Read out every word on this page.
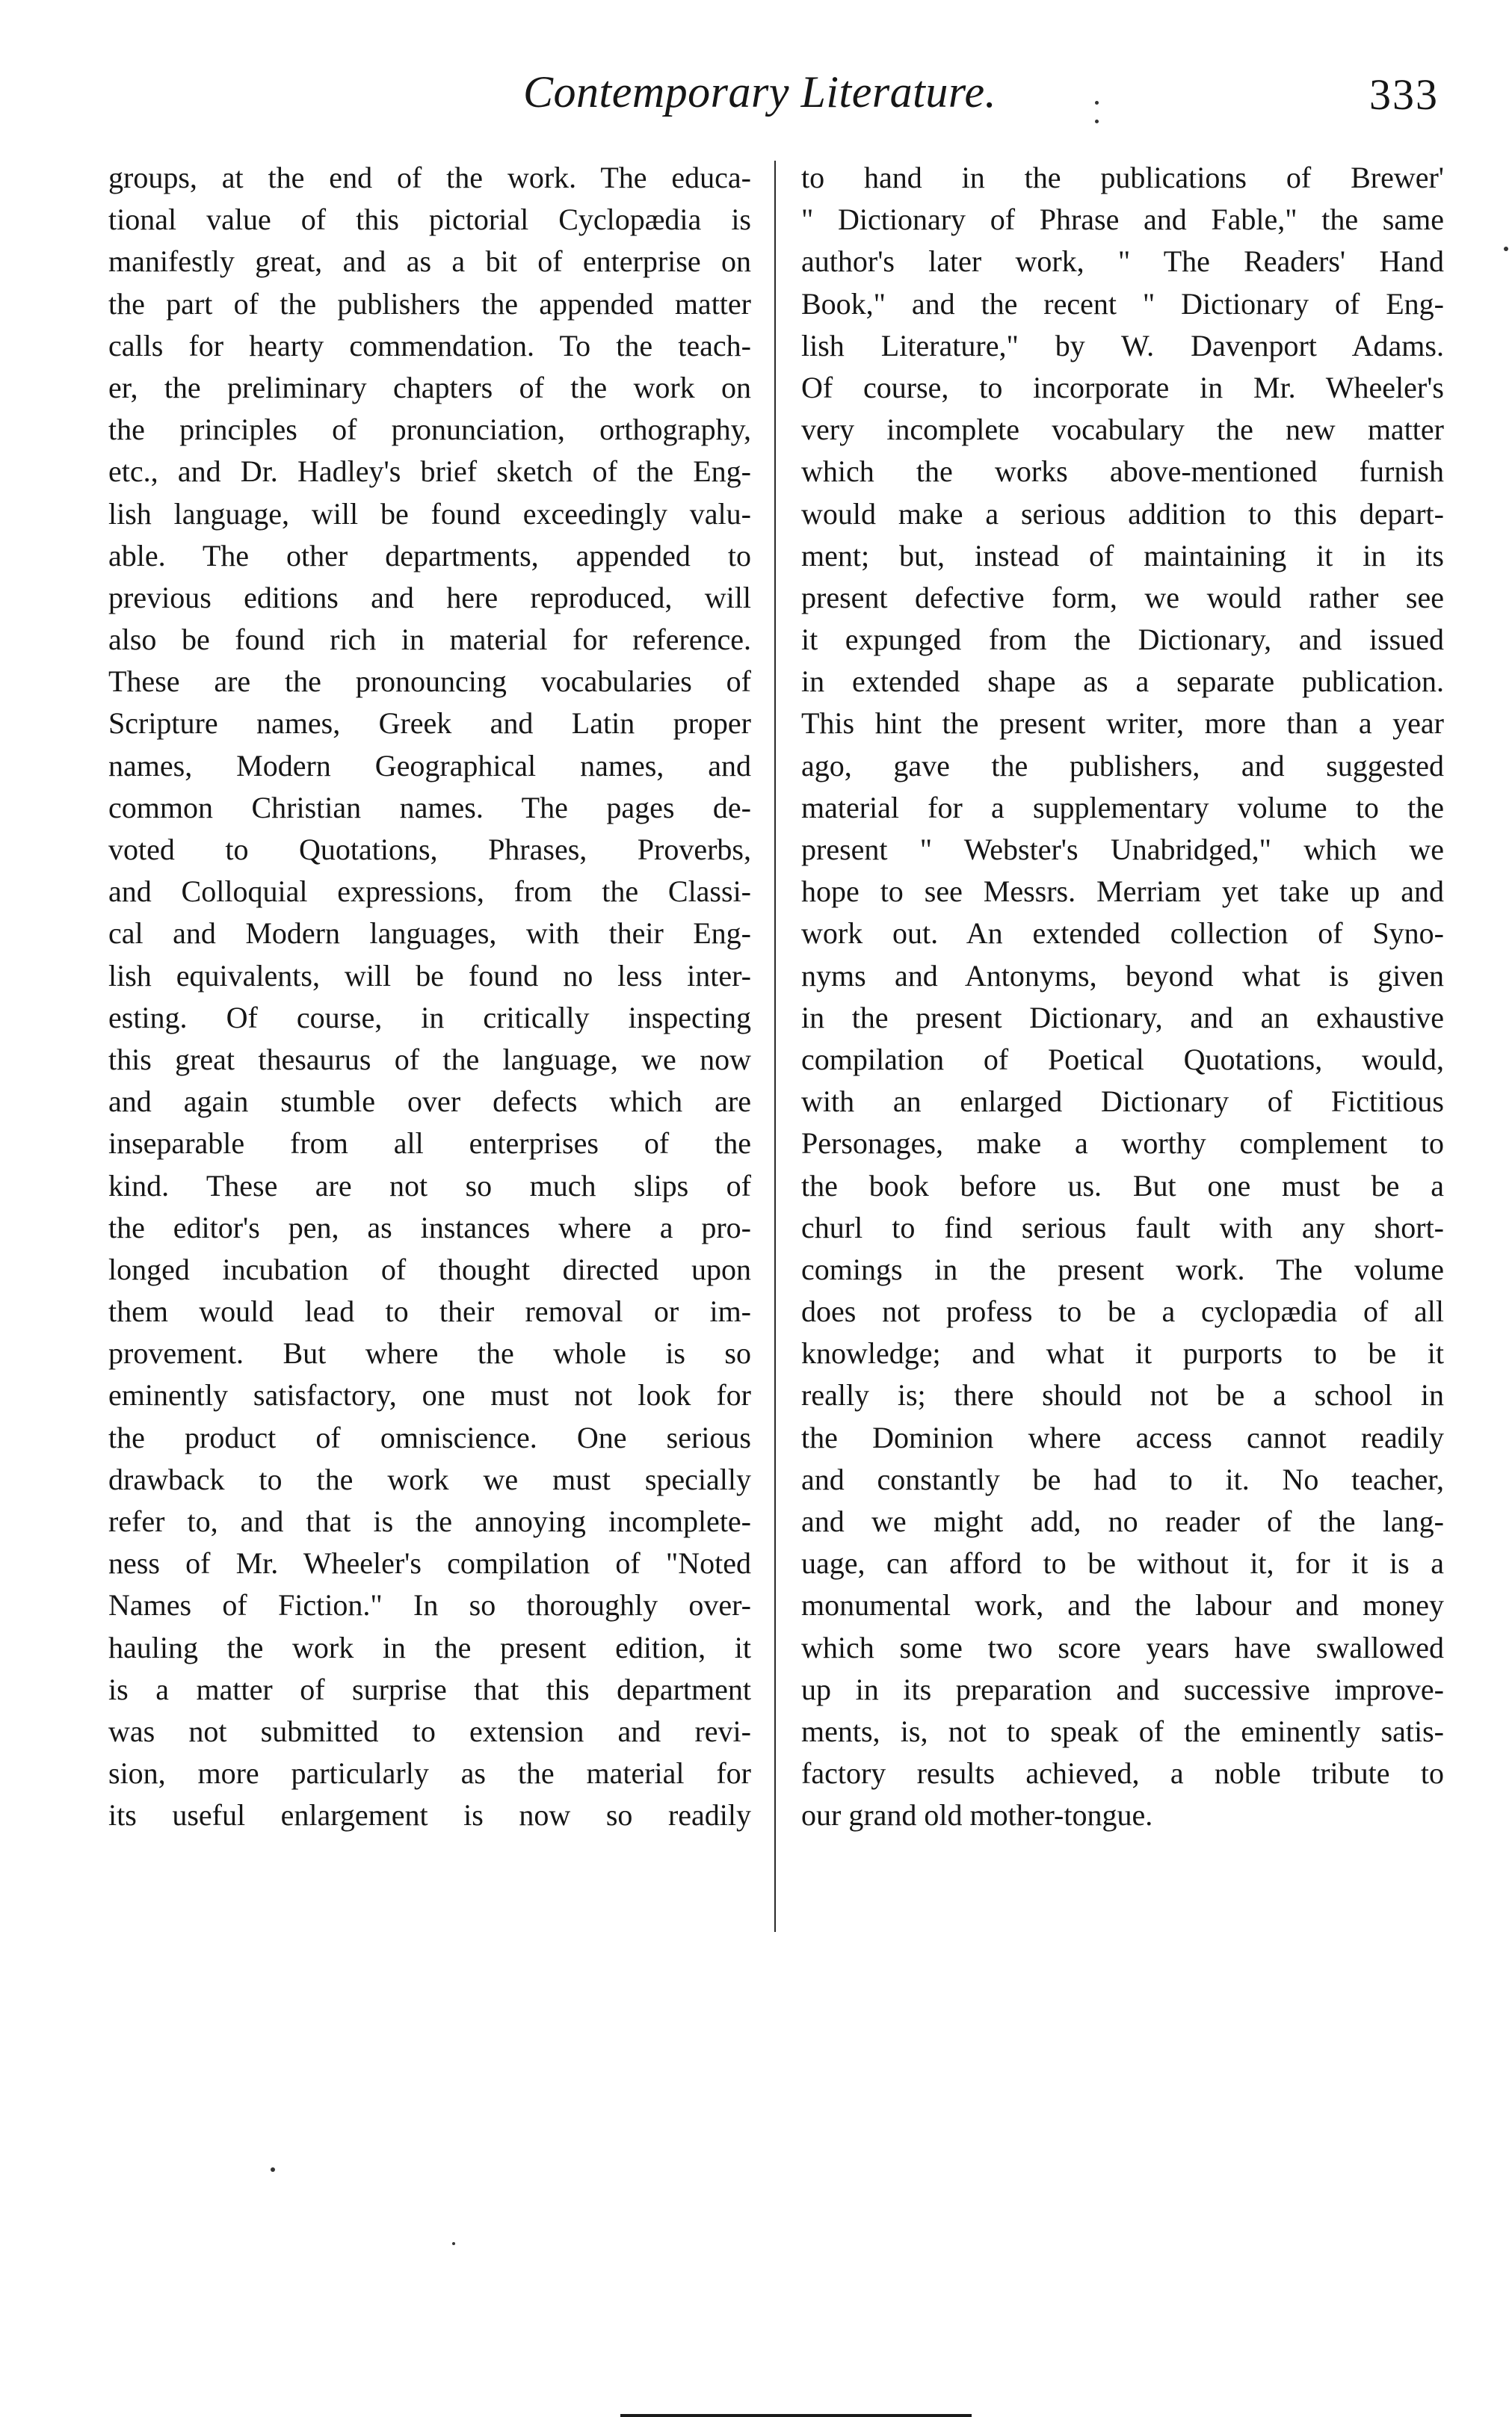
Contemporary Literature.	333
groups, at the end of the work. The educa-
tional value of this pictorial Cyclopædia is
manifestly great, and as a bit of enterprise on
the part of the publishers the appended matter
calls for hearty commendation. To the teach-
er, the preliminary chapters of the work on
the principles of pronunciation, orthography,
etc., and Dr. Hadley's brief sketch of the Eng-
lish language, will be found exceedingly valu-
able. The other departments, appended to
previous editions and here reproduced, will
also be found rich in material for reference.
These are the pronouncing vocabularies of
Scripture names, Greek and Latin proper
names, Modern Geographical names, and
common Christian names. The pages de-
voted to Quotations, Phrases, Proverbs,
and Colloquial expressions, from the Classi-
cal and Modern languages, with their Eng-
lish equivalents, will be found no less inter-
esting. Of course, in critically inspecting
this great thesaurus of the language, we now
and again stumble over defects which are
inseparable from all enterprises of the
kind. These are not so much slips of
the editor's pen, as instances where a pro-
longed incubation of thought directed upon
them would lead to their removal or im-
provement. But where the whole is so
eminently satisfactory, one must not look for
the product of omniscience. One serious
drawback to the work we must specially
refer to, and that is the annoying incomplete-
ness of Mr. Wheeler's compilation of "Noted
Names of Fiction." In so thoroughly over-
hauling the work in the present edition, it
is a matter of surprise that this department
was not submitted to extension and revi-
sion, more particularly as the material for
its useful enlargement is now so readily
to hand in the publications of Brewer'
" Dictionary of Phrase and Fable," the same
author's later work, " The Readers' Hand
Book," and the recent " Dictionary of Eng-
lish Literature," by W. Davenport Adams.
Of course, to incorporate in Mr. Wheeler's
very incomplete vocabulary the new matter
which the works above-mentioned furnish
would make a serious addition to this depart-
ment; but, instead of maintaining it in its
present defective form, we would rather see
it expunged from the Dictionary, and issued
in extended shape as a separate publication.
This hint the present writer, more than a year
ago, gave the publishers, and suggested
material for a supplementary volume to the
present " Webster's Unabridged," which we
hope to see Messrs. Merriam yet take up and
work out. An extended collection of Syno-
nyms and Antonyms, beyond what is given
in the present Dictionary, and an exhaustive
compilation of Poetical Quotations, would,
with an enlarged Dictionary of Fictitious
Personages, make a worthy complement to
the book before us. But one must be a
churl to find serious fault with any short-
comings in the present work. The volume
does not profess to be a cyclopædia of all
knowledge; and what it purports to be it
really is; there should not be a school in
the Dominion where access cannot readily
and constantly be had to it. No teacher,
and we might add, no reader of the lang-
uage, can afford to be without it, for it is a
monumental work, and the labour and money
which some two score years have swallowed
up in its preparation and successive improve-
ments, is, not to speak of the eminently satis-
factory results achieved, a noble tribute to
our grand old mother-tongue.
